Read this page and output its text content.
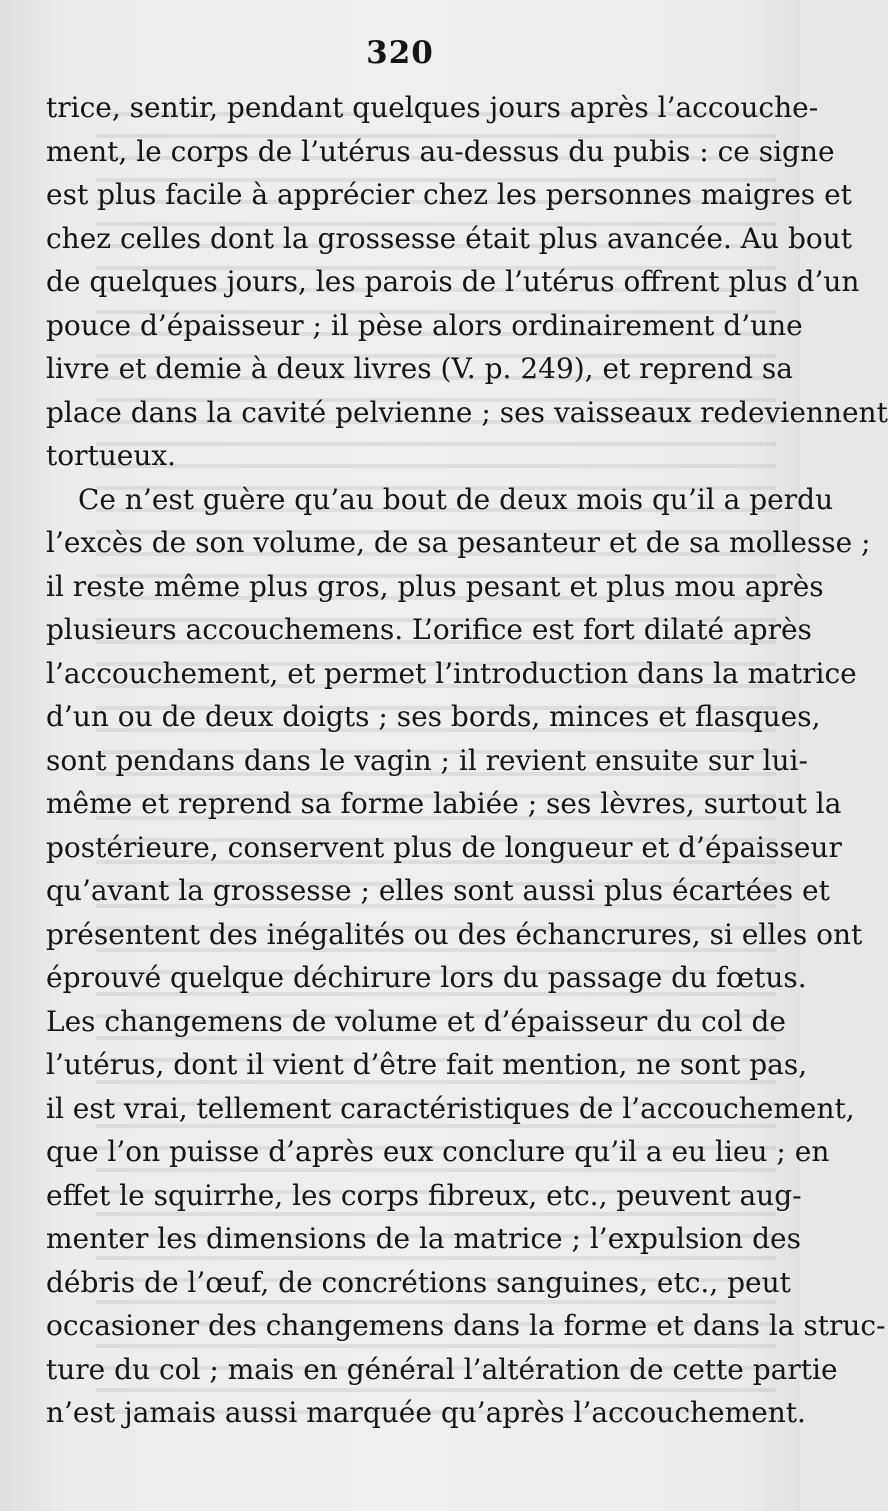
320
trice, sentir, pendant quelques jours après l’accouche-
ment, le corps de l’utérus au-dessus du pubis : ce signe
est plus facile à apprécier chez les personnes maigres et
chez celles dont la grossesse était plus avancée. Au bout
de quelques jours, les parois de l’utérus offrent plus d’un
pouce d’épaisseur ; il pèse alors ordinairement d’une
livre et demie à deux livres (V. p. 249), et reprend sa
place dans la cavité pelvienne ; ses vaisseaux redeviennent
tortueux.
Ce n’est guère qu’au bout de deux mois qu’il a perdu
l’excès de son volume, de sa pesanteur et de sa mollesse ;
il reste même plus gros, plus pesant et plus mou après
plusieurs accouchemens. L’orifice est fort dilaté après
l’accouchement, et permet l’introduction dans la matrice
d’un ou de deux doigts ; ses bords, minces et flasques,
sont pendans dans le vagin ; il revient ensuite sur lui-
même et reprend sa forme labiée ; ses lèvres, surtout la
postérieure, conservent plus de longueur et d’épaisseur
qu’avant la grossesse ; elles sont aussi plus écartées et
présentent des inégalités ou des échancrures, si elles ont
éprouvé quelque déchirure lors du passage du fœtus.
Les changemens de volume et d’épaisseur du col de
l’utérus, dont il vient d’être fait mention, ne sont pas,
il est vrai, tellement caractéristiques de l’accouchement,
que l’on puisse d’après eux conclure qu’il a eu lieu ; en
effet le squirrhe, les corps fibreux, etc., peuvent aug-
menter les dimensions de la matrice ; l’expulsion des
débris de l’œuf, de concrétions sanguines, etc., peut
occasioner des changemens dans la forme et dans la struc-
ture du col ; mais en général l’altération de cette partie
n’est jamais aussi marquée qu’après l’accouchement.
